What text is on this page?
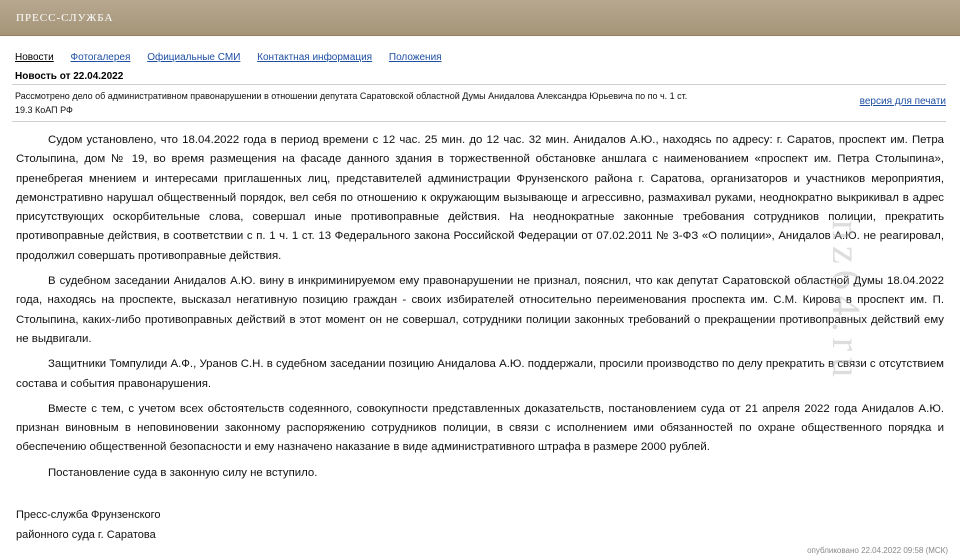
ПРЕСС-СЛУЖБА
Новости Фотогалерея Официальные СМИ Контактная информация Положения
Новость от 22.04.2022
Рассмотрено дело об административном правонарушении в отношении депутата Саратовской областной Думы Анидалова Александра Юрьевича по по ч. 1 ст.
19.3 КоАП РФ
версия для печати

Судом установлено, что 18.04.2022 года в период времени с 12 час. 25 мин. до 12 час. 32 мин. Анидалов А.Ю., находясь по адресу: г. Саратов, проспект им. Петра Столыпина, дом № 19, во время размещения на фасаде данного здания в торжественной обстановке аншлага с наименованием «проспект им. Петра Столыпина», пренебрегая мнением и интересами приглашенных лиц, представителей администрации Фрунзенского района г. Саратова, организаторов и участников мероприятия, демонстративно нарушал общественный порядок, вел себя по отношению к окружающим вызывающе и агрессивно, размахивал руками, неоднократно выкрикивал в адрес присутствующих оскорбительные слова, совершал иные противоправные действия. На неоднократные законные требования сотрудников полиции, прекратить противоправные действия, в соответствии с п. 1 ч. 1 ст. 13 Федерального закона Российской Федерации от 07.02.2011 № 3-ФЗ «О полиции», Анидалов А.Ю. не реагировал, продолжил совершать противоправные действия.

В судебном заседании Анидалов А.Ю. вину в инкриминируемом ему правонарушении не признал, пояснил, что как депутат Саратовской областной Думы 18.04.2022 года, находясь на проспекте, высказал негативную позицию граждан - своих избирателей относительно переименования проспекта им. С.М. Кирова в проспект им. П. Столыпина, каких-либо противоправных действий в этот момент он не совершал, сотрудники полиции законных требований о прекращении противоправных действий ему не выдвигали.

Защитники Томпулиди А.Ф., Уранов С.Н. в судебном заседании позицию Анидалова А.Ю. поддержали, просили производство по делу прекратить в связи с отсутствием состава и события правонарушения.

Вместе с тем, с учетом всех обстоятельств содеянного, совокупности представленных доказательств, постановлением суда от 21 апреля 2022 года Анидалов А.Ю. признан виновным в неповиновении законному распоряжению сотрудников полиции, в связи с исполнением ими обязанностей по охране общественного порядка и обеспечению общественной безопасности и ему назначено наказание в виде административного штрафа в размере 2000 рублей.

Постановление суда в законную силу не вступило.

Пресс-служба Фрунзенского
районного суда г. Саратова
опубликовано 22.04.2022 09:58 (МСК)
nz64.ru
